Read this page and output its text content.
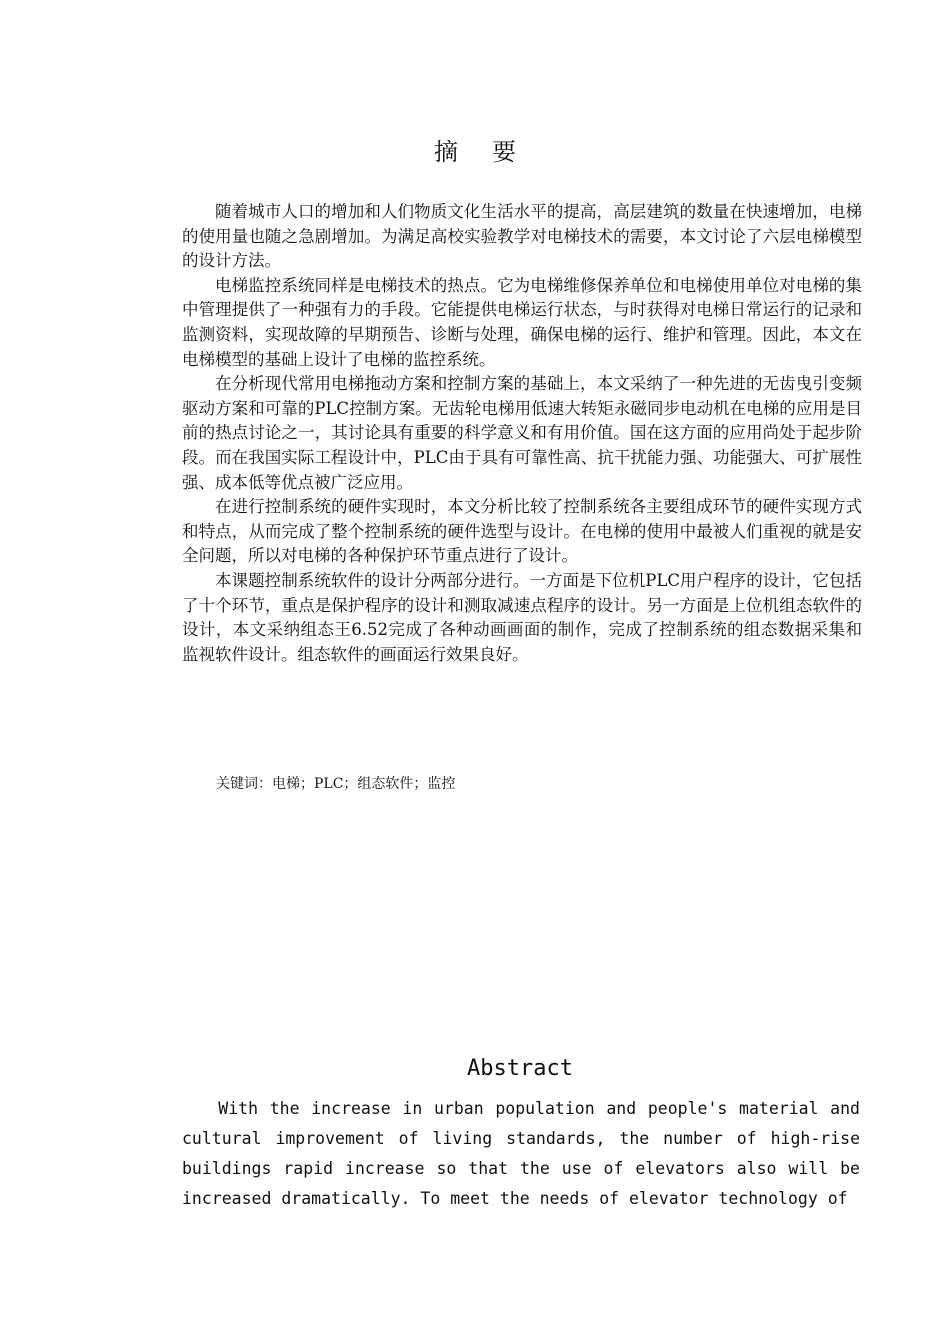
摘要

随着城市人口的增加和人们物质文化生活水平的提高，高层建筑的数量在快速增加，电梯的使用量也随之急剧增加。为满足高校实验教学对电梯技术的需要，本文讨论了六层电梯模型的设计方法。

电梯监控系统同样是电梯技术的热点。它为电梯维修保养单位和电梯使用单位对电梯的集中管理提供了一种强有力的手段。它能提供电梯运行状态，与时获得对电梯日常运行的记录和监测资料，实现故障的早期预告、诊断与处理，确保电梯的运行、维护和管理。因此，本文在电梯模型的基础上设计了电梯的监控系统。

在分析现代常用电梯拖动方案和控制方案的基础上，本文采纳了一种先进的无齿曳引变频驱动方案和可靠的PLC控制方案。无齿轮电梯用低速大转矩永磁同步电动机在电梯的应用是目前的热点讨论之一，其讨论具有重要的科学意义和有用价值。国在这方面的应用尚处于起步阶段。而在我国实际工程设计中，PLC由于具有可靠性高、抗干扰能力强、功能强大、可扩展性强、成本低等优点被广泛应用。

在进行控制系统的硬件实现时，本文分析比较了控制系统各主要组成环节的硬件实现方式和特点，从而完成了整个控制系统的硬件选型与设计。在电梯的使用中最被人们重视的就是安全问题，所以对电梯的各种保护环节重点进行了设计。

本课题控制系统软件的设计分两部分进行。一方面是下位机PLC用户程序的设计，它包括了十个环节，重点是保护程序的设计和测取减速点程序的设计。另一方面是上位机组态软件的设计，本文采纳组态王6.52完成了各种动画画面的制作，完成了控制系统的组态数据采集和监视软件设计。组态软件的画面运行效果良好。

关键词：电梯；PLC；组态软件；监控
Abstract

With the increase in urban population and people's material and cultural improvement of living standards, the number of high-rise buildings rapid increase so that the use of elevators also will be increased dramatically. To meet the needs of elevator technology of
